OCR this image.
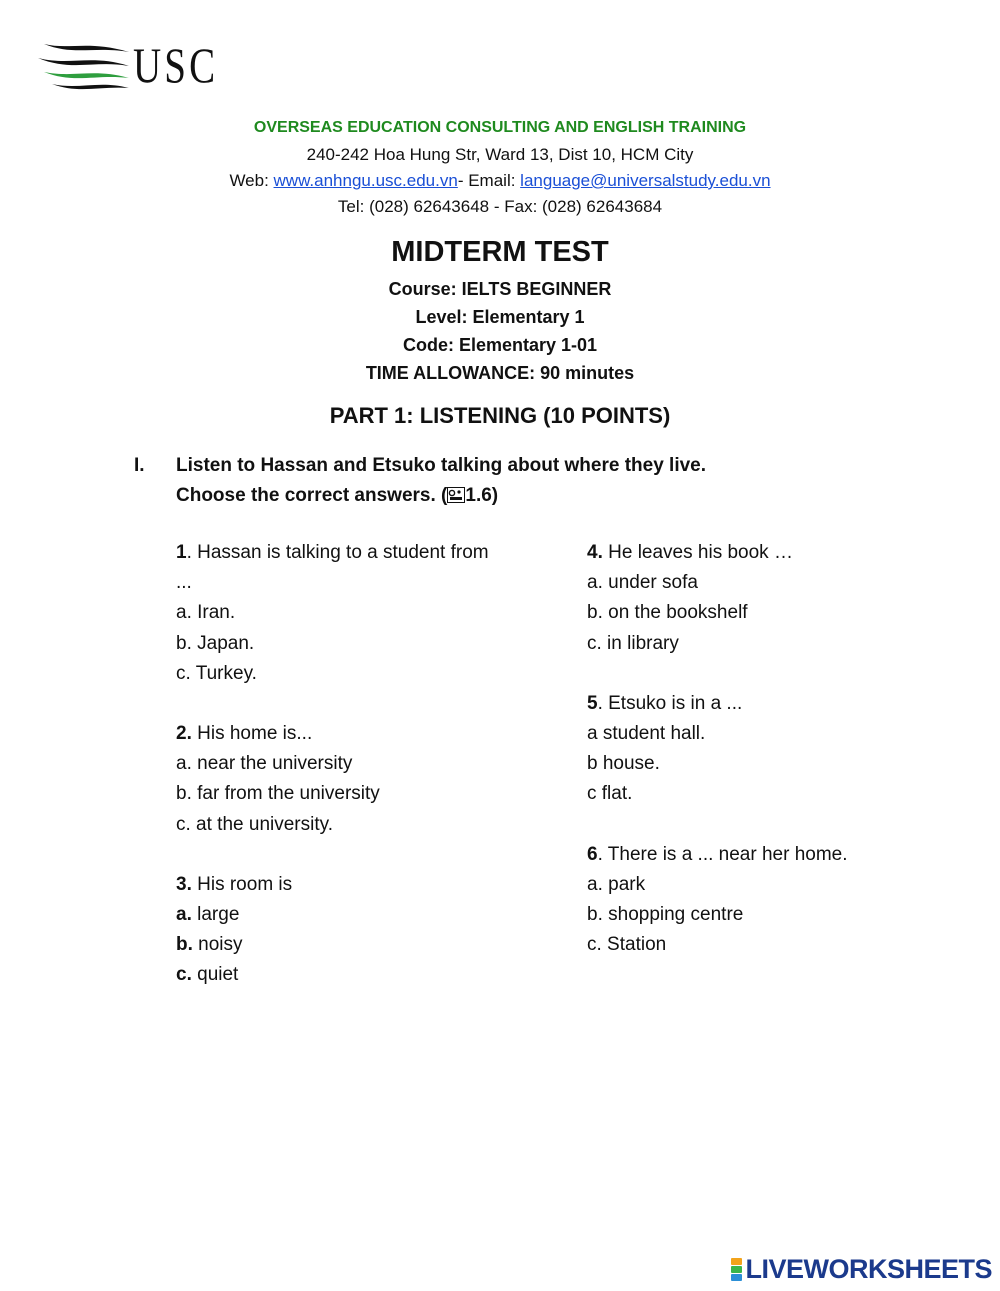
USC
OVERSEAS EDUCATION CONSULTING AND ENGLISH TRAINING
240-242 Hoa Hung Str, Ward 13, Dist 10, HCM City
Web: www.anhngu.usc.edu.vn- Email: language@universalstudy.edu.vn
Tel: (028) 62643648 - Fax: (028) 62643684
MIDTERM TEST
Course: IELTS BEGINNER
Level: Elementary 1
Code: Elementary 1-01
TIME ALLOWANCE: 90 minutes
PART 1: LISTENING (10 POINTS)
I. Listen to Hassan and Etsuko talking about where they live.
Choose the correct answers. ( 1.6)
1. Hassan is talking to a student from ...
a. Iran.
b. Japan.
c. Turkey.
2. His home is...
a. near the university
b. far from the university
c. at the university.
3. His room is
a. large
b. noisy
c. quiet
4. He leaves his book …
a. under sofa
b. on the bookshelf
c. in library
5. Etsuko is in a ...
a student hall.
b house.
c flat.
6. There is a ... near her home.
a. park
b. shopping centre
c. Station
LIVEWORKSHEETS
